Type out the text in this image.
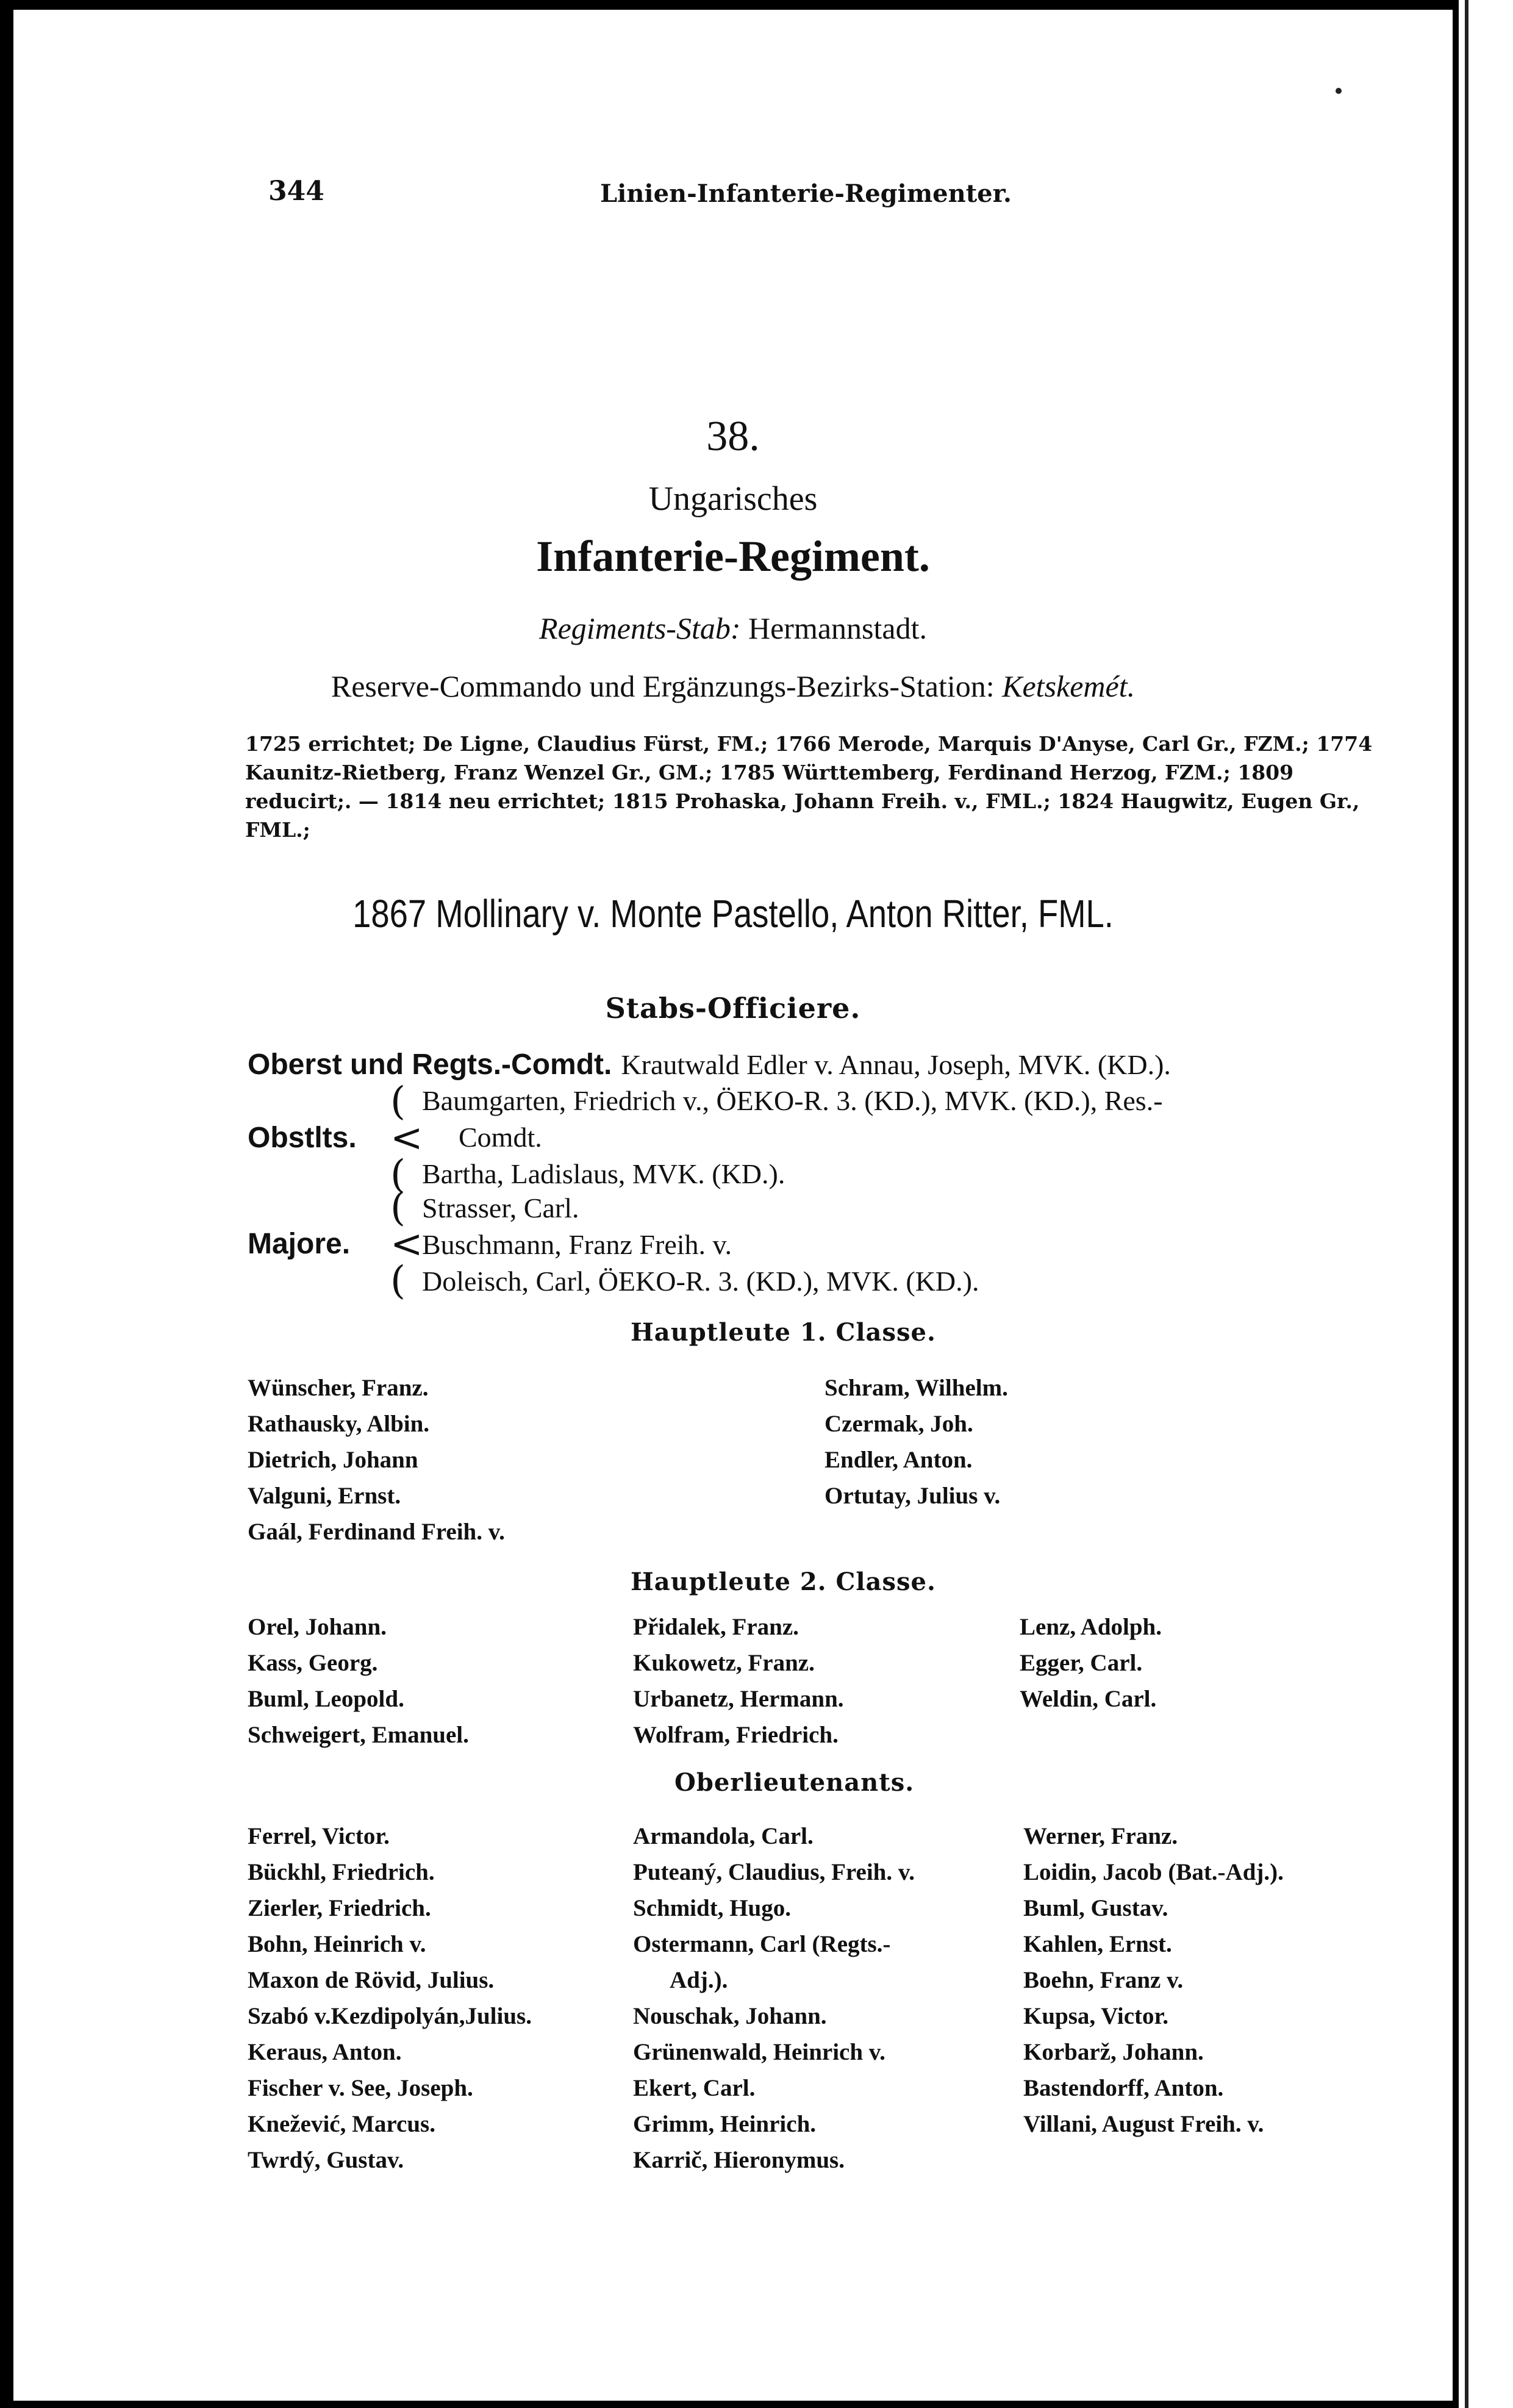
344	Linien-Infanterie-Regimenter.
38.
Ungarisches
Infanterie-Regiment.
Regiments-Stab: Hermannstadt.
Reserve-Commando und Ergänzungs-Bezirks-Station: Ketskemét.
1725 errichtet; De Ligne, Claudius Fürst, FM.; 1766 Merode, Marquis D'Anyse, Carl Gr., FZM.; 1774 Kaunitz-Rietberg, Franz Wenzel Gr., GM.; 1785 Württemberg, Ferdinand Herzog, FZM.; 1809 reducirt;. — 1814 neu errichtet; 1815 Prohaska, Johann Freih. v., FML.; 1824 Haugwitz, Eugen Gr., FML.;
1867 Mollinary v. Monte Pastello, Anton Ritter, FML.
Stabs-Officiere.
Oberst und Regts.-Comdt. Krautwald Edler v. Annau, Joseph, MVK. (KD.).
Obstlts.
(
<
(
Baumgarten, Friedrich v., ÖEKO-R. 3. (KD.), MVK. (KD.), Res.-
Comdt.
Bartha, Ladislaus, MVK. (KD.).
Majore.
(
<
(
Strasser, Carl.
Buschmann, Franz Freih. v.
Doleisch, Carl, ÖEKO-R. 3. (KD.), MVK. (KD.).
Hauptleute 1. Classe.
Wünscher, Franz.
Rathausky, Albin.
Dietrich, Johann
Valguni, Ernst.
Gaál, Ferdinand Freih. v.
Schram, Wilhelm.
Czermak, Joh.
Endler, Anton.
Ortutay, Julius v.
Hauptleute 2. Classe.
Orel, Johann.
Kass, Georg.
Buml, Leopold.
Schweigert, Emanuel.
Přidalek, Franz.
Kukowetz, Franz.
Urbanetz, Hermann.
Wolfram, Friedrich.
Lenz, Adolph.
Egger, Carl.
Weldin, Carl.
Oberlieutenants.
Ferrel, Victor.
Bückhl, Friedrich.
Zierler, Friedrich.
Bohn, Heinrich v.
Maxon de Rövid, Julius.
Szabó v.Kezdipolyán,Julius.
Keraus, Anton.
Fischer v. See, Joseph.
Knežević, Marcus.
Twrdý, Gustav.
Armandola, Carl.
Puteaný, Claudius, Freih. v.
Schmidt, Hugo.
Ostermann, Carl (Regts.-
Adj.).
Nouschak, Johann.
Grünenwald, Heinrich v.
Ekert, Carl.
Grimm, Heinrich.
Karrič, Hieronymus.
Werner, Franz.
Loidin, Jacob (Bat.-Adj.).
Buml, Gustav.
Kahlen, Ernst.
Boehn, Franz v.
Kupsa, Victor.
Korbarž, Johann.
Bastendorff, Anton.
Villani, August Freih. v.
